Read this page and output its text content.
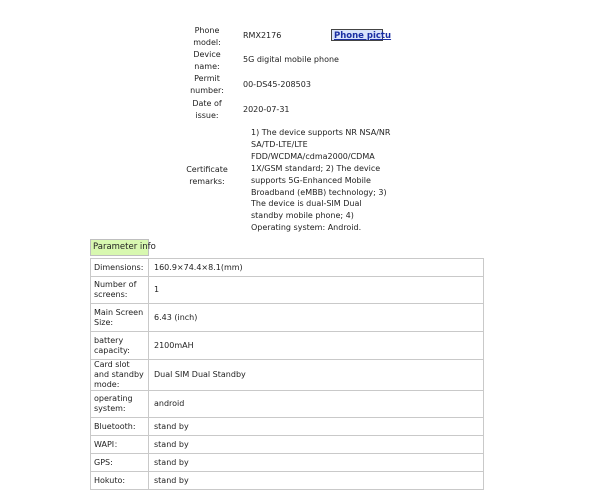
Phone model:
RMX2176
Device name:
5G digital mobile phone
Permit number:
00-DS45-208503
Date of issue:
2020-07-31
Certificate remarks:
1) The device supports NR NSA/NR SA/TD-LTE/LTE FDD/WCDMA/cdma2000/CDMA 1X/GSM standard; 2) The device supports 5G-Enhanced Mobile Broadband (eMBB) technology; 3) The device is dual-SIM Dual standby mobile phone; 4) Operating system: Android.
Phone pictu
Parameter info
Dimensions:	160.9×74.4×8.1(mm)
Number of screens:	1
Main Screen Size:	6.43 (inch)
battery capacity:	2100mAH
Card slot and standby mode:	Dual SIM Dual Standby
operating system:	android
Bluetooth:	stand by
WAPI：	stand by
GPS:	stand by
Hokuto:	stand by
